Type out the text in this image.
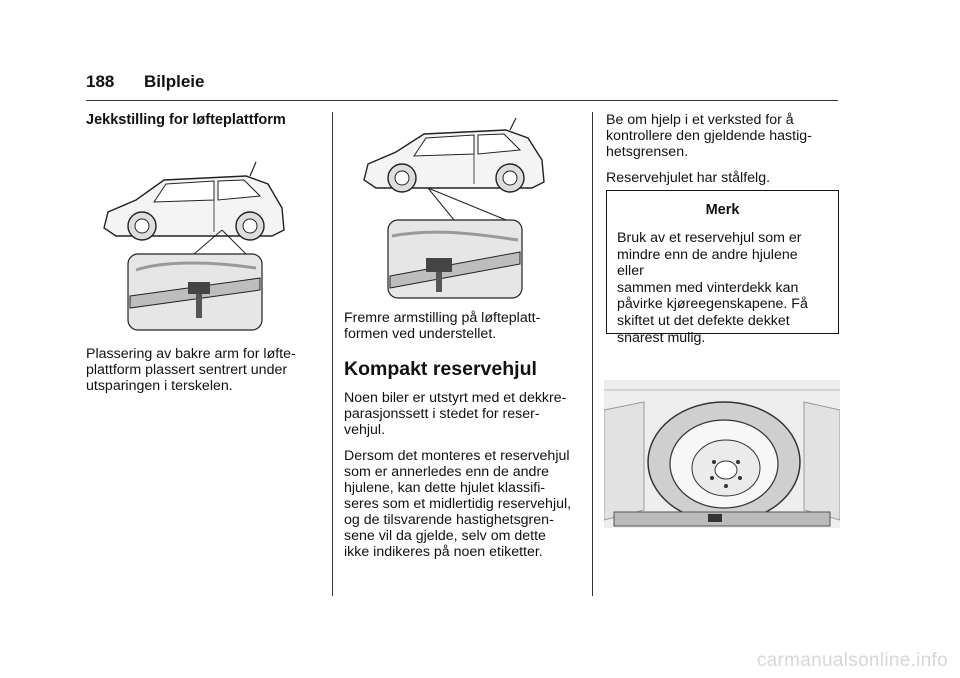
188 Bilpleie
Jekkstilling for løfteplattform
Plassering av bakre arm for løfte-
plattform plassert sentrert under
utsparingen i terskelen.

Fremre armstilling på løfteplatt-
formen ved understellet.

Kompakt reservehjul

Noen biler er utstyrt med et dekkre-
parasjonssett i stedet for reser-
vehjul.

Dersom det monteres et reservehjul
som er annerledes enn de andre
hjulene, kan dette hjulet klassifi-
seres som et midlertidig reservehjul,
og de tilsvarende hastighetsgren-
sene vil da gjelde, selv om dette
ikke indikeres på noen etiketter.

Be om hjelp i et verksted for å
kontrollere den gjeldende hastig-
hetsgrensen.

Reservehjulet har stålfelg.

Merk
Bruk av et reservehjul som er
mindre enn de andre hjulene eller
sammen med vinterdekk kan
påvirke kjøreegenskapene. Få
skiftet ut det defekte dekket
snarest mulig.
carmanualsonline.info
